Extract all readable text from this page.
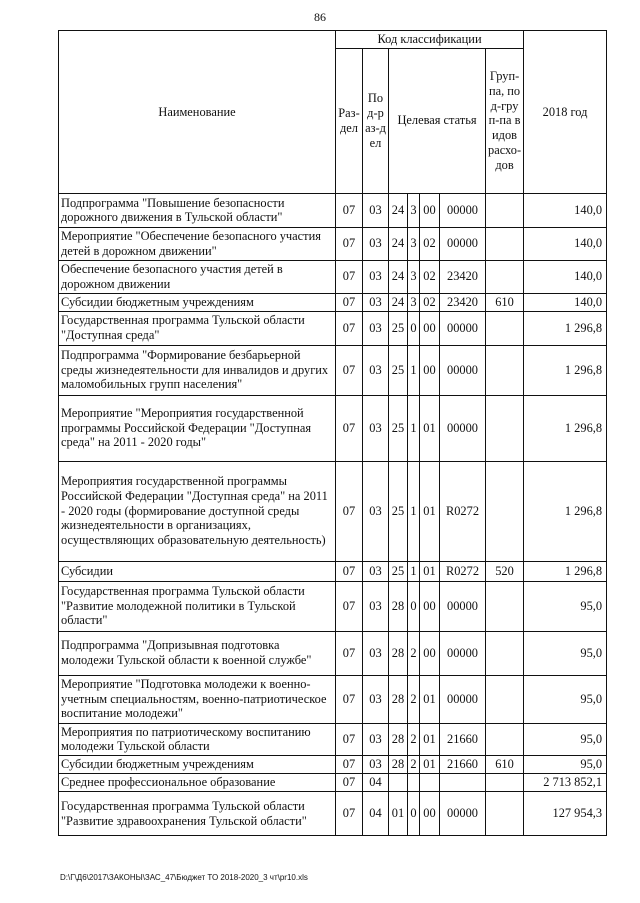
86
Наименование	Код классификации							2018 год
	Раз-дел	Под-раз-дел	Целевая статья				Груп-па, под-груп-па видов расхо-дов	
Подпрограмма "Повышение безопасности дорожного движения в Тульской области"	07	03	24	3	00	00000		140,0
Мероприятие "Обеспечение безопасного участия детей в дорожном движении"	07	03	24	3	02	00000		140,0
Обеспечение безопасного участия детей в дорожном движении	07	03	24	3	02	23420		140,0
Субсидии бюджетным учреждениям	07	03	24	3	02	23420	610	140,0
Государственная программа Тульской области "Доступная среда"	07	03	25	0	00	00000		1 296,8
Подпрограмма "Формирование безбарьерной среды жизнедеятельности для инвалидов и других маломобильных групп населения"	07	03	25	1	00	00000		1 296,8
Мероприятие "Мероприятия государственной программы Российской Федерации "Доступная среда" на 2011 - 2020 годы"	07	03	25	1	01	00000		1 296,8
Мероприятия государственной программы Российской Федерации "Доступная среда" на 2011 - 2020 годы (формирование доступной среды жизнедеятельности в организациях, осуществляющих образовательную деятельность)	07	03	25	1	01	R0272		1 296,8
Субсидии	07	03	25	1	01	R0272	520	1 296,8
Государственная программа Тульской области "Развитие молодежной политики в Тульской области"	07	03	28	0	00	00000		95,0
Подпрограмма "Допризывная подготовка молодежи Тульской области к военной службе"	07	03	28	2	00	00000		95,0
Мероприятие "Подготовка молодежи к военно-учетным специальностям, военно-патриотическое воспитание молодежи"	07	03	28	2	01	00000		95,0
Мероприятия по патриотическому воспитанию молодежи Тульской области	07	03	28	2	01	21660		95,0
Субсидии бюджетным учреждениям	07	03	28	2	01	21660	610	95,0
Среднее профессиональное образование	07	04						2 713 852,1
Государственная программа Тульской области "Развитие здравоохранения Тульской области"	07	04	01	0	00	00000		127 954,3
D:\Г\Д6\2017\ЗАКОНЫ\ЗАС_47\Бюджет ТО 2018-2020_3 чт\pr10.xls
